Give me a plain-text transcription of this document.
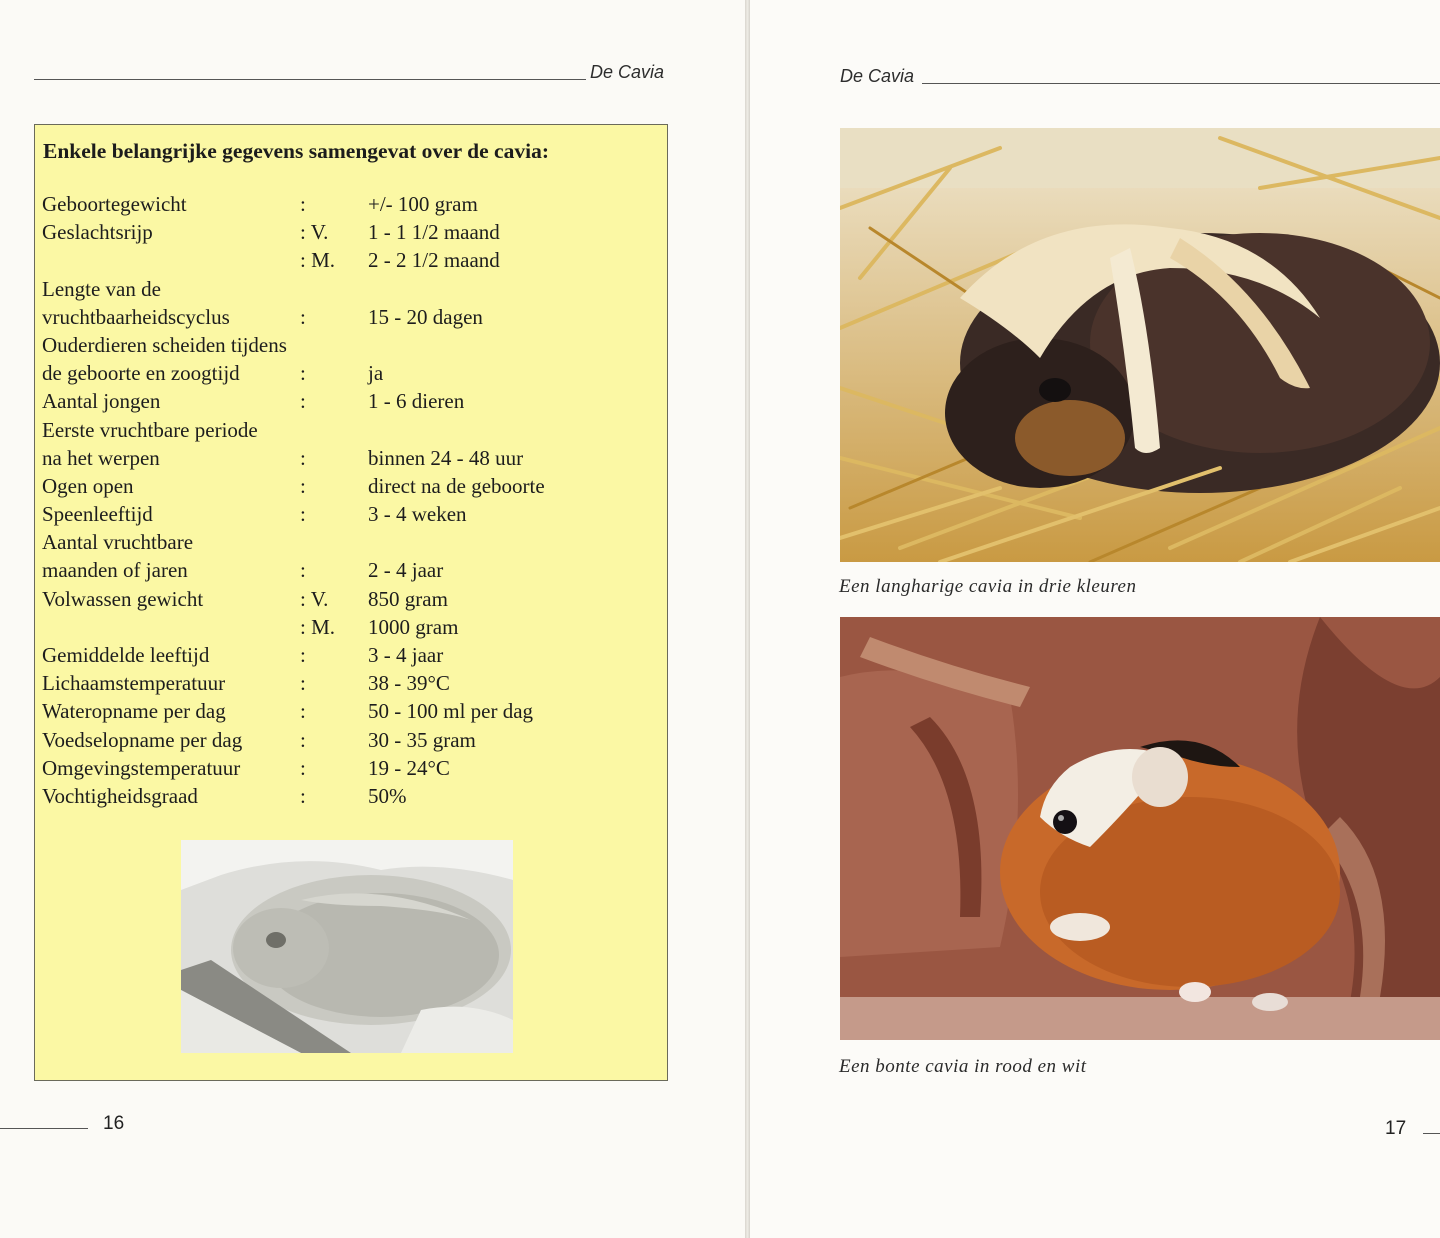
De Cavia
Enkele belangrijke gegevens samengevat over de cavia:
Geboortegewicht	:	+/- 100 gram
Geslachtsrijp	: V. 1 - 1 1/2 maand
: M. 2 - 2 1/2 maand
Lengte van de
vruchtbaarheidscyclus	:	15 - 20 dagen
Ouderdieren scheiden tijdens
de geboorte en zoogtijd	:	ja
Aantal jongen	:	1 - 6 dieren
Eerste vruchtbare periode
na het werpen	:	binnen 24 - 48 uur
Ogen open	:	direct na de geboorte
Speenleeftijd	:	3 - 4 weken
Aantal vruchtbare
maanden of jaren	:	2 - 4 jaar
Volwassen gewicht	: V. 850 gram
: M. 1000 gram
Gemiddelde leeftijd	:	3 - 4 jaar
Lichaamstemperatuur	:	38 - 39°C
Wateropname per dag	:	50 - 100 ml per dag
Voedselopname per dag	:	30 - 35 gram
Omgevingstemperatuur	:	19 - 24°C
Vochtigheidsgraad	:	50%
16
De Cavia
Een langharige cavia in drie kleuren
Een bonte cavia in rood en wit
17
